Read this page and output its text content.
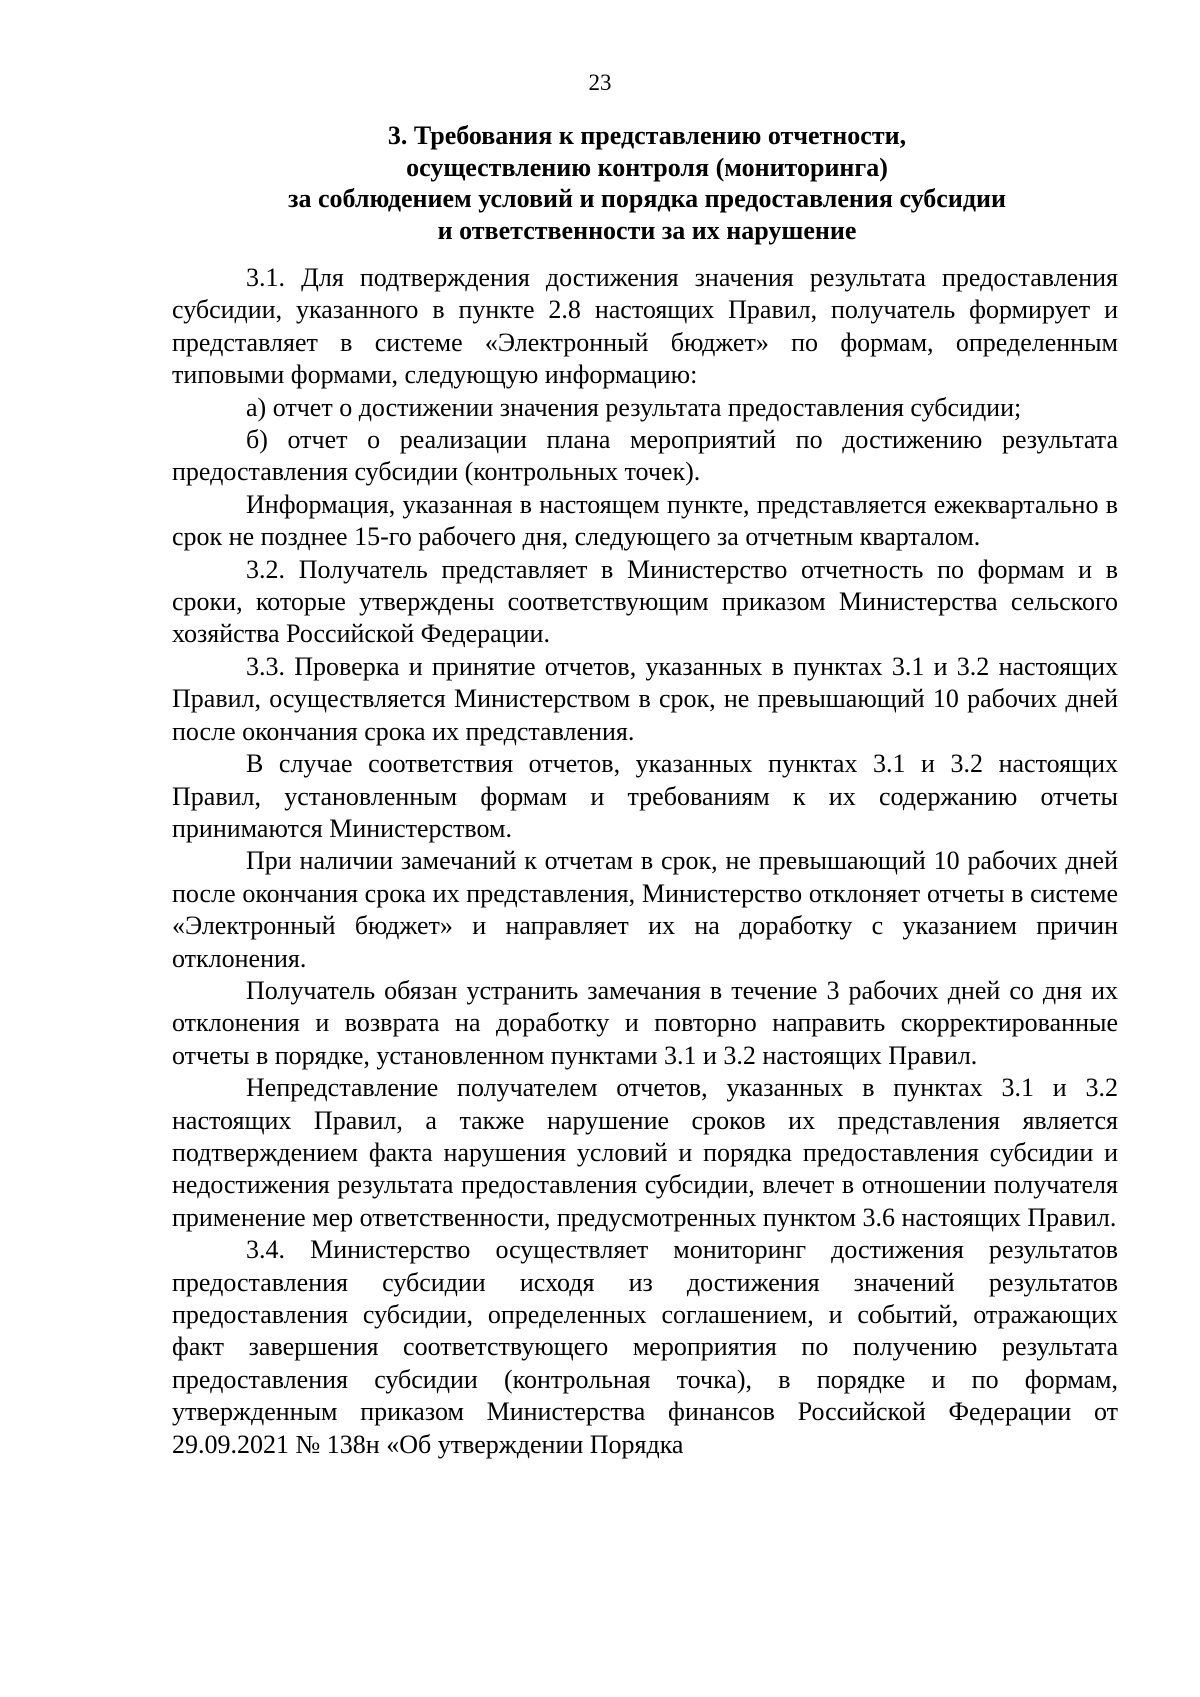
23
3. Требования к представлению отчетности,
осуществлению контроля (мониторинга)
за соблюдением условий и порядка предоставления субсидии
и ответственности за их нарушение

3.1. Для подтверждения достижения значения результата предоставления субсидии, указанного в пункте 2.8 настоящих Правил, получатель формирует и представляет в системе «Электронный бюджет» по формам, определенным типовыми формами, следующую информацию:

а) отчет о достижении значения результата предоставления субсидии;

б) отчет о реализации плана мероприятий по достижению результата предоставления субсидии (контрольных точек).

Информация, указанная в настоящем пункте, представляется ежеквартально в срок не позднее 15-го рабочего дня, следующего за отчетным кварталом.

3.2. Получатель представляет в Министерство отчетность по формам и в сроки, которые утверждены соответствующим приказом Министерства сельского хозяйства Российской Федерации.

3.3. Проверка и принятие отчетов, указанных в пунктах 3.1 и 3.2 настоящих Правил, осуществляется Министерством в срок, не превышающий 10 рабочих дней после окончания срока их представления.

В случае соответствия отчетов, указанных пунктах 3.1 и 3.2 настоящих Правил, установленным формам и требованиям к их содержанию отчеты принимаются Министерством.

При наличии замечаний к отчетам в срок, не превышающий 10 рабочих дней после окончания срока их представления, Министерство отклоняет отчеты в системе «Электронный бюджет» и направляет их на доработку с указанием причин отклонения.

Получатель обязан устранить замечания в течение 3 рабочих дней со дня их отклонения и возврата на доработку и повторно направить скорректированные отчеты в порядке, установленном пунктами 3.1 и 3.2 настоящих Правил.

Непредставление получателем отчетов, указанных в пунктах 3.1 и 3.2 настоящих Правил, а также нарушение сроков их представления является подтверждением факта нарушения условий и порядка предоставления субсидии и недостижения результата предоставления субсидии, влечет в отношении получателя применение мер ответственности, предусмотренных пунктом 3.6 настоящих Правил.

3.4. Министерство осуществляет мониторинг достижения результатов предоставления субсидии исходя из достижения значений результатов предоставления субсидии, определенных соглашением, и событий, отражающих факт завершения соответствующего мероприятия по получению результата предоставления субсидии (контрольная точка), в порядке и по формам, утвержденным приказом Министерства финансов Российской Федерации от 29.09.2021 № 138н «Об утверждении Порядка
